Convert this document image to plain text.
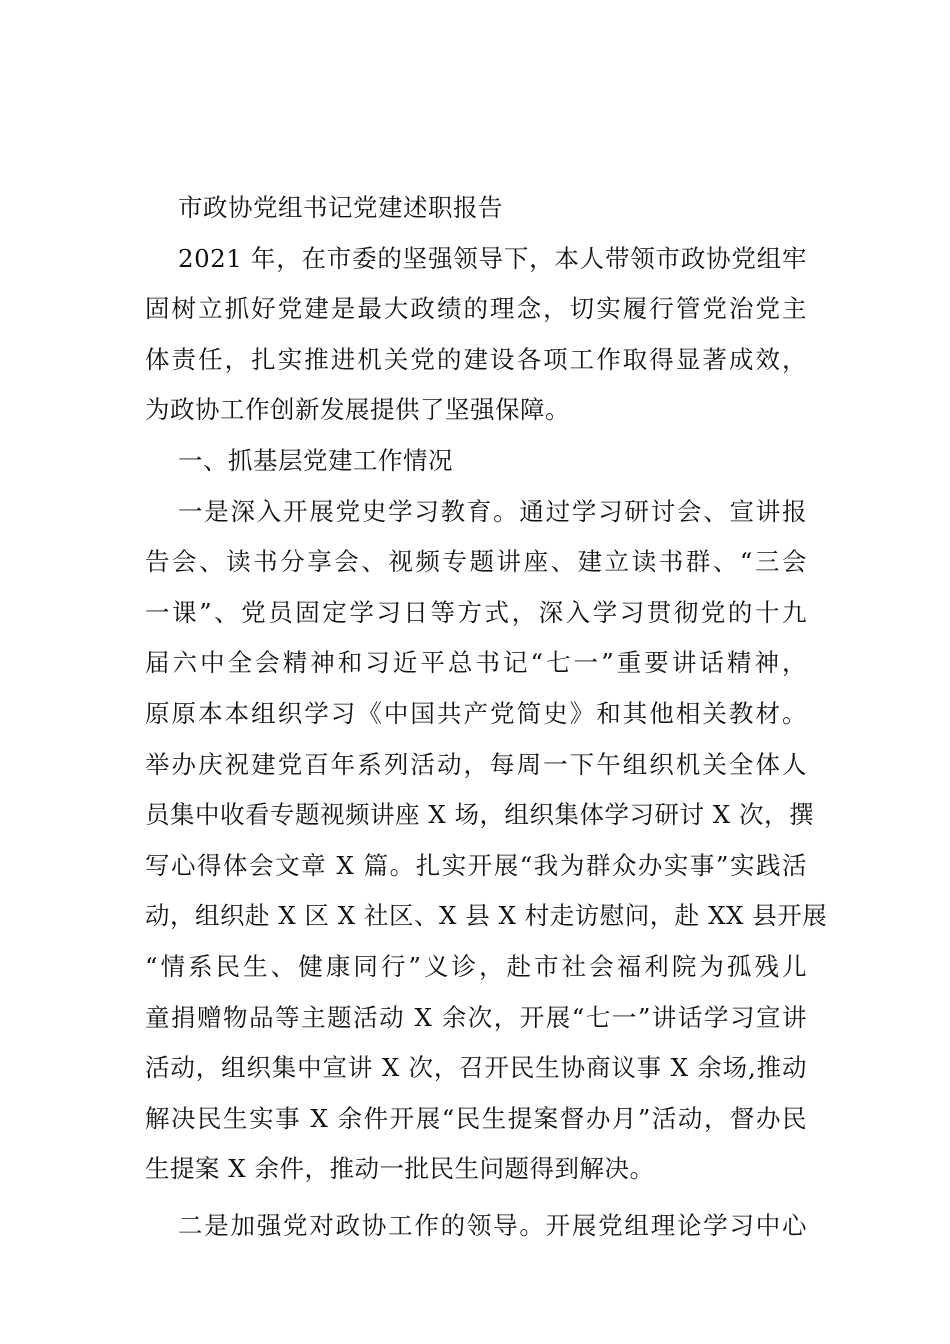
市政协党组书记党建述职报告
2021 年，在市委的坚强领导下，本人带领市政协党组牢
固树立抓好党建是最大政绩的理念，切实履行管党治党主
体责任，扎实推进机关党的建设各项工作取得显著成效，
为政协工作创新发展提供了坚强保障。
一、抓基层党建工作情况
一是深入开展党史学习教育。通过学习研讨会、宣讲报
告会、读书分享会、视频专题讲座、建立读书群、“三会
一课”、党员固定学习日等方式，深入学习贯彻党的十九
届六中全会精神和习近平总书记“七一”重要讲话精神，
原原本本组织学习《中国共产党简史》和其他相关教材。
举办庆祝建党百年系列活动，每周一下午组织机关全体人
员集中收看专题视频讲座 X 场，组织集体学习研讨 X 次，撰
写心得体会文章 X 篇。扎实开展“我为群众办实事”实践活
动，组织赴 X 区 X 社区、X 县 X 村走访慰问，赴 XX 县开展
“情系民生、健康同行”义诊，赴市社会福利院为孤残儿
童捐赠物品等主题活动 X 余次，开展“七一”讲话学习宣讲
活动，组织集中宣讲 X 次，召开民生协商议事 X 余场,推动
解决民生实事 X 余件开展“民生提案督办月”活动，督办民
生提案 X 余件，推动一批民生问题得到解决。
二是加强党对政协工作的领导。开展党组理论学习中心
